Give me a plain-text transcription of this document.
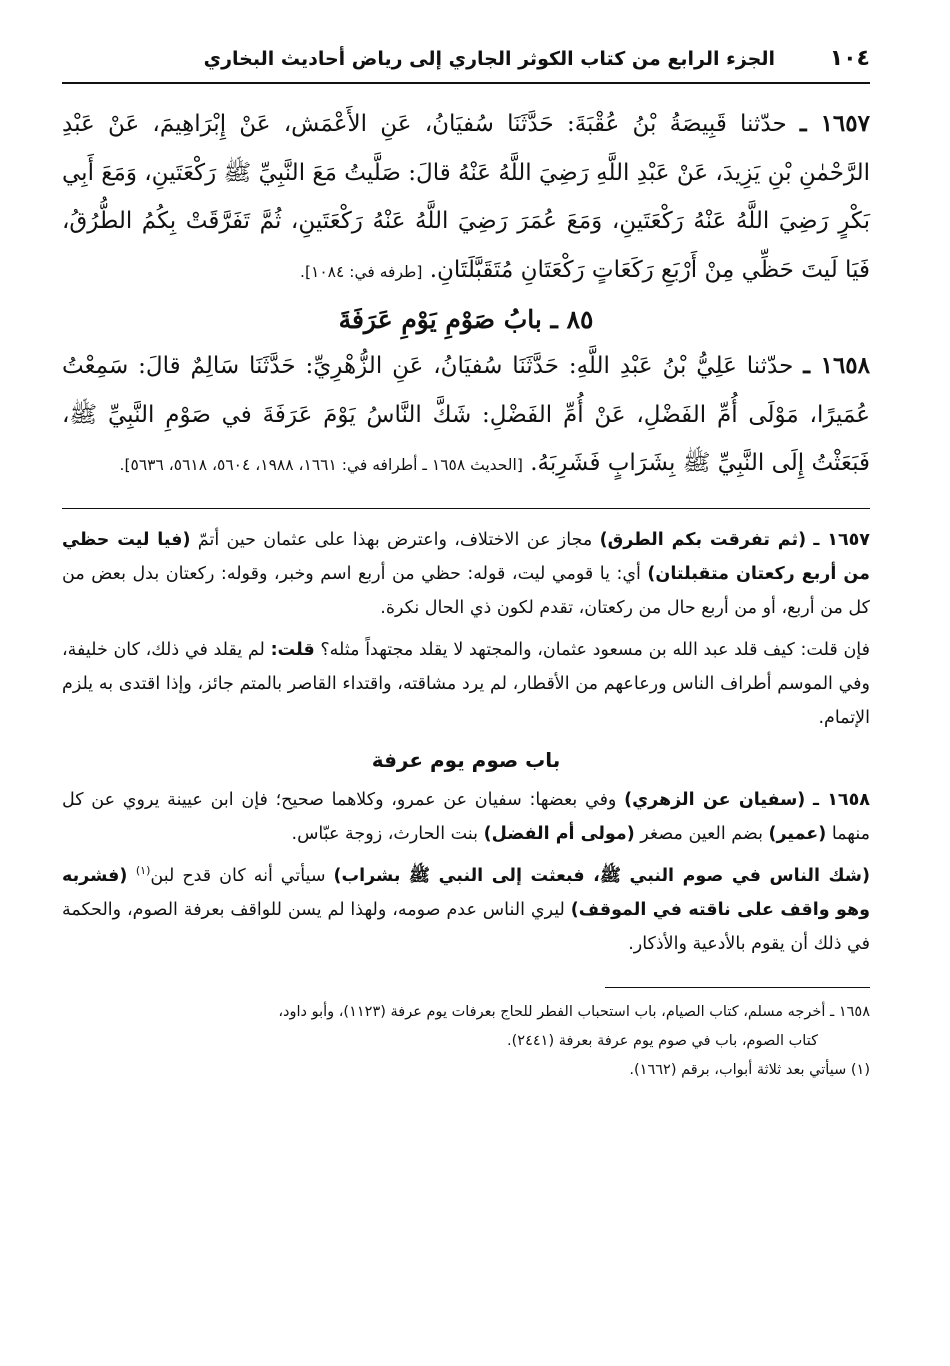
١٠٤
الجزء الرابع من كتاب الكوثر الجاري إلى رياض أحاديث البخاري
١٦٥٧ ـ حدّثنا قَبِيصَةُ بْنُ عُقْبَةَ: حَدَّثَنَا سُفيَانُ، عَنِ الأَعْمَش، عَنْ إِبْرَاهِيمَ، عَنْ عَبْدِ الرَّحْمٰنِ بْنِ يَزِيدَ، عَنْ عَبْدِ اللَّهِ رَضِيَ اللَّهُ عَنْهُ قالَ: صَلَّيتُ مَعَ النَّبِيِّ ﷺ رَكْعَتَينِ، وَمَعَ أَبِي بَكْرٍ رَضِيَ اللَّهُ عَنْهُ رَكْعَتَينِ، وَمَعَ عُمَرَ رَضِيَ اللَّهُ عَنْهُ رَكْعَتَينِ، ثُمَّ تَفَرَّقَتْ بِكُمُ الطُّرُقُ، فَيَا لَيتَ حَظِّي مِنْ أَرْبَعِ رَكَعَاتٍ رَكْعَتَانِ مُتَقَبَّلَتَانِ. [طرفه في: ١٠٨٤].
٨٥ ـ بابُ صَوْمِ يَوْمِ عَرَفَةَ
١٦٥٨ ـ حدّثنا عَلِيُّ بْنُ عَبْدِ اللَّهِ: حَدَّثَنَا سُفيَانُ، عَنِ الزُّهْرِيِّ: حَدَّثَنَا سَالِمٌ قالَ: سَمِعْتُ عُمَيرًا، مَوْلَى أُمِّ الفَضْلِ، عَنْ أُمِّ الفَضْلِ: شَكَّ النَّاسُ يَوْمَ عَرَفَةَ في صَوْمِ النَّبِيِّ ﷺ، فَبَعَثْتُ إِلَى النَّبِيِّ ﷺ بِشَرَابٍ فَشَرِبَهُ. [الحديث ١٦٥٨ ـ أطرافه في: ١٦٦١، ١٩٨٨، ٥٦٠٤، ٥٦١٨، ٥٦٣٦].

١٦٥٧ ـ (ثم تفرقت بكم الطرق) مجاز عن الاختلاف، واعترض بهذا على عثمان حين أتمّ (فيا ليت حظي من أربع ركعتان متقبلتان) أي: يا قومي ليت، قوله: حظي من أربع اسم وخبر، وقوله: ركعتان بدل بعض من كل من أربع، أو من أربع حال من ركعتان، تقدم لكون ذي الحال نكرة.

فإن قلت: كيف قلد عبد الله بن مسعود عثمان، والمجتهد لا يقلد مجتهداً مثله؟ قلت: لم يقلد في ذلك، كان خليفة، وفي الموسم أطراف الناس ورعاعهم من الأقطار، لم يرد مشاقته، واقتداء القاصر بالمتم جائز، وإذا اقتدى به يلزم الإتمام.

باب صوم يوم عرفة

١٦٥٨ ـ (سفيان عن الزهري) وفي بعضها: سفيان عن عمرو، وكلاهما صحيح؛ فإن ابن عيينة يروي عن كل منهما (عمير) بضم العين مصغر (مولى أم الفضل) بنت الحارث، زوجة عبّاس.

(شك الناس في صوم النبي ﷺ، فبعثت إلى النبي ﷺ بشراب) سيأتي أنه كان قدح لبن$^{(١)}$ (فشربه وهو واقف على ناقته في الموقف) ليري الناس عدم صومه، ولهذا لم يسن للواقف بعرفة الصوم، والحكمة في ذلك أن يقوم بالأدعية والأذكار.

١٦٥٨ ـ أخرجه مسلم، كتاب الصيام، باب استحباب الفطر للحاج بعرفات يوم عرفة (١١٢٣)، وأبو داود،

كتاب الصوم، باب في صوم يوم عرفة بعرفة (٢٤٤١).

(١) سيأتي بعد ثلاثة أبواب، برقم (١٦٦٢).
